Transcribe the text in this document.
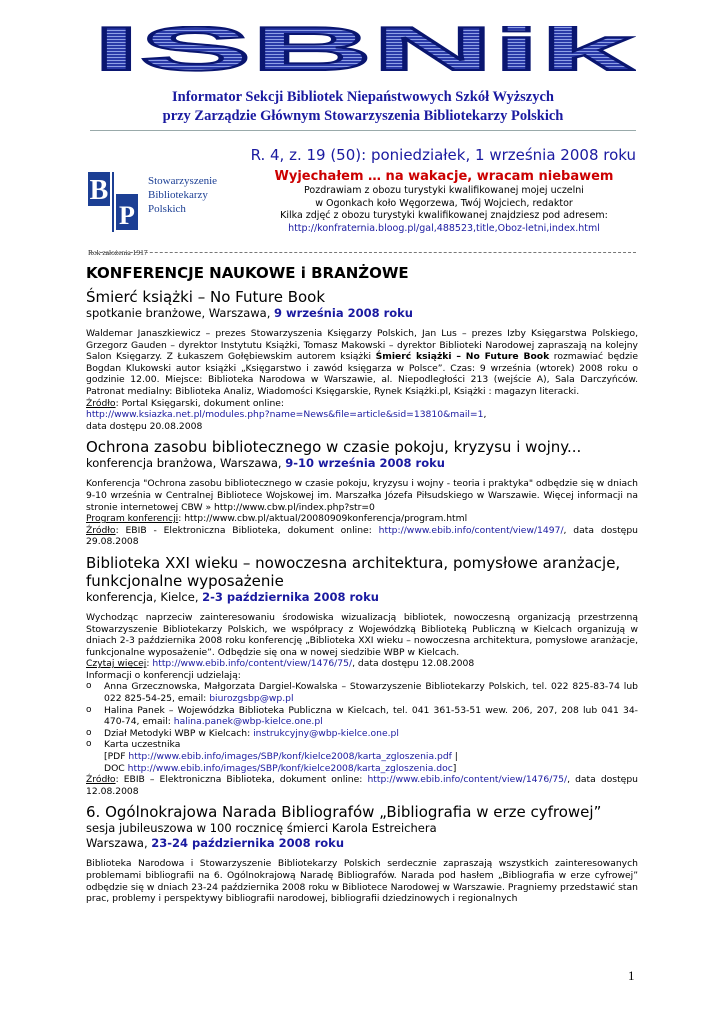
ISBNik
Informator Sekcji Bibliotek Niepaństwowych Szkół Wyższych
przy Zarządzie Głównym Stowarzyszenia Bibliotekarzy Polskich
R. 4, z. 19 (50): poniedziałek, 1 września 2008 roku
B
P
Stowarzyszenie
Bibliotekarzy
Polskich
Rok założenia 1917
Wyjechałem … na wakacje, wracam niebawem
Pozdrawiam z obozu turystyki kwalifikowanej mojej uczelni
w Ogonkach koło Węgorzewa, Twój Wojciech, redaktor
Kilka zdjęć z obozu turystyki kwalifikowanej znajdziesz pod adresem:
http://konfraternia.bloog.pl/gal,488523,title,Oboz-letni,index.html
KONFERENCJE NAUKOWE i BRANŻOWE
Śmierć książki – No Future Book
spotkanie branżowe, Warszawa, 9 września 2008 roku

Waldemar Janaszkiewicz – prezes Stowarzyszenia Księgarzy Polskich, Jan Lus – prezes Izby Księgarstwa Polskiego, Grzegorz Gauden – dyrektor Instytutu Książki, Tomasz Makowski – dyrektor Biblioteki Narodowej zapraszają na kolejny Salon Księgarzy. Z Łukaszem Gołębiewskim autorem książki Śmierć książki – No Future Book rozmawiać będzie Bogdan Klukowski autor książki „Księgarstwo i zawód księgarza w Polsce”. Czas: 9 września (wtorek) 2008 roku o godzinie 12.00. Miejsce: Biblioteka Narodowa w Warszawie, al. Niepodległości 213 (wejście A), Sala Darczyńców. Patronat medialny: Biblioteka Analiz, Wiadomości Księgarskie, Rynek Książki.pl, Książki : magazyn literacki.

Źródło: Portal Księgarski, dokument online:

http://www.ksiazka.net.pl/modules.php?name=News&file=article&sid=13810&mail=1,

data dostępu 20.08.2008

Ochrona zasobu bibliotecznego w czasie pokoju, kryzysu i wojny...
konferencja branżowa, Warszawa, 9-10 września 2008 roku

Konferencja "Ochrona zasobu bibliotecznego w czasie pokoju, kryzysu i wojny - teoria i praktyka" odbędzie się w dniach 9-10 września w Centralnej Bibliotece Wojskowej im. Marszałka Józefa Piłsudskiego w Warszawie. Więcej informacji na stronie internetowej CBW » http://www.cbw.pl/index.php?str=0

Program konferencji: http://www.cbw.pl/aktual/20080909konferencja/program.html

Źródło: EBIB - Elektroniczna Biblioteka, dokument online: http://www.ebib.info/content/view/1497/, data dostępu 29.08.2008

Biblioteka XXI wieku – nowoczesna architektura, pomysłowe aranżacje,
funkcjonalne wyposażenie
konferencja, Kielce, 2-3 października 2008 roku

Wychodząc naprzeciw zainteresowaniu środowiska wizualizacją bibliotek, nowoczesną organizacją przestrzenną Stowarzyszenie Bibliotekarzy Polskich, we współpracy z Wojewódzką Biblioteką Publiczną w Kielcach organizują w dniach 2-3 października 2008 roku konferencję „Biblioteka XXI wieku – nowoczesna architektura, pomysłowe aranżacje, funkcjonalne wyposażenie”. Odbędzie się ona w nowej siedzibie WBP w Kielcach.

Czytaj więcej: http://www.ebib.info/content/view/1476/75/, data dostępu 12.08.2008

Informacji o konferencji udzielają:

o Anna Grzecznowska, Małgorzata Dargiel-Kowalska – Stowarzyszenie Bibliotekarzy Polskich, tel. 022 825-83-74 lub 022 825-54-25, email: biurozgsbp@wp.pl
o Halina Panek – Wojewódzka Biblioteka Publiczna w Kielcach, tel. 041 361-53-51 wew. 206, 207, 208 lub 041 34-470-74, email: halina.panek@wbp-kielce.one.pl
o Dział Metodyki WBP w Kielcach: instrukcyjny@wbp-kielce.one.pl
o Karta uczestnika
[PDF http://www.ebib.info/images/SBP/konf/kielce2008/karta_zgloszenia.pdf |
DOC http://www.ebib.info/images/SBP/konf/kielce2008/karta_zgloszenia.doc]

Źródło: EBIB – Elektroniczna Biblioteka, dokument online: http://www.ebib.info/content/view/1476/75/, data dostępu 12.08.2008

6. Ogólnokrajowa Narada Bibliografów „Bibliografia w erze cyfrowej”
sesja jubileuszowa w 100 rocznicę śmierci Karola Estreichera
Warszawa, 23-24 października 2008 roku

Biblioteka Narodowa i Stowarzyszenie Bibliotekarzy Polskich serdecznie zapraszają wszystkich zainteresowanych problemami bibliografii na 6. Ogólnokrajową Naradę Bibliografów. Narada pod hasłem „Bibliografia w erze cyfrowej” odbędzie się w dniach 23-24 października 2008 roku w Bibliotece Narodowej w Warszawie. Pragniemy przedstawić stan prac, problemy i perspektywy bibliografii narodowej, bibliografii dziedzinowych i regionalnych

1
